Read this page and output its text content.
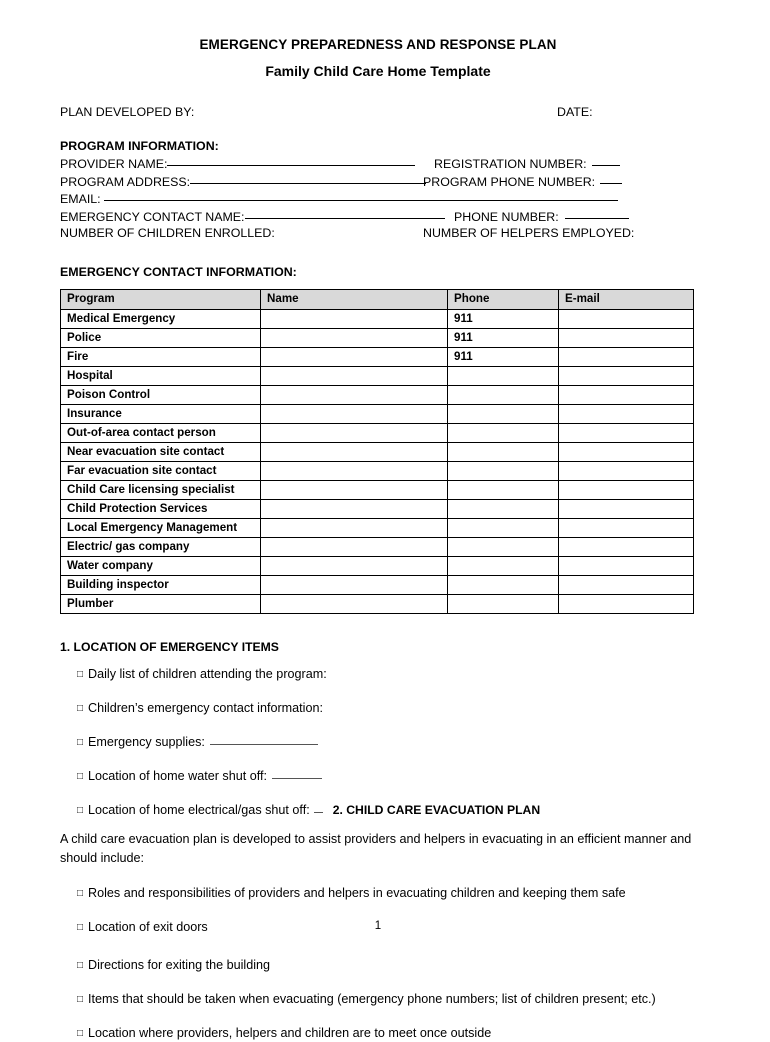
EMERGENCY PREPAREDNESS AND RESPONSE PLAN
Family Child Care Home Template
PLAN DEVELOPED BY:	DATE:
PROGRAM INFORMATION:
PROVIDER NAME:	REGISTRATION NUMBER:
PROGRAM ADDRESS:	PROGRAM PHONE NUMBER:
EMAIL:
EMERGENCY CONTACT NAME:	PHONE NUMBER:
NUMBER OF CHILDREN ENROLLED:	NUMBER OF HELPERS EMPLOYED:
EMERGENCY CONTACT INFORMATION:
Program	Name	Phone	E-mail
Medical Emergency		911	
Police		911	
Fire		911	
Hospital			
Poison Control			
Insurance			
Out-of-area contact person			
Near evacuation site contact			
Far evacuation site contact			
Child Care licensing specialist			
Child Protection Services			
Local Emergency Management			
Electric/ gas company			
Water company			
Building inspector			
Plumber			
1. LOCATION OF EMERGENCY ITEMS
□ Daily list of children attending the program:
□ Children’s emergency contact information:
□ Emergency supplies:
□ Location of home water shut off:
□ Location of home electrical/gas shut off: 2. CHILD CARE EVACUATION PLAN
A child care evacuation plan is developed to assist providers and helpers in evacuating in an efficient manner and should include:
□ Roles and responsibilities of providers and helpers in evacuating children and keeping them safe
□ Location of exit doors
□ Directions for exiting the building
□ Items that should be taken when evacuating (emergency phone numbers; list of children present; etc.)
□ Location where providers, helpers and children are to meet once outside
1
